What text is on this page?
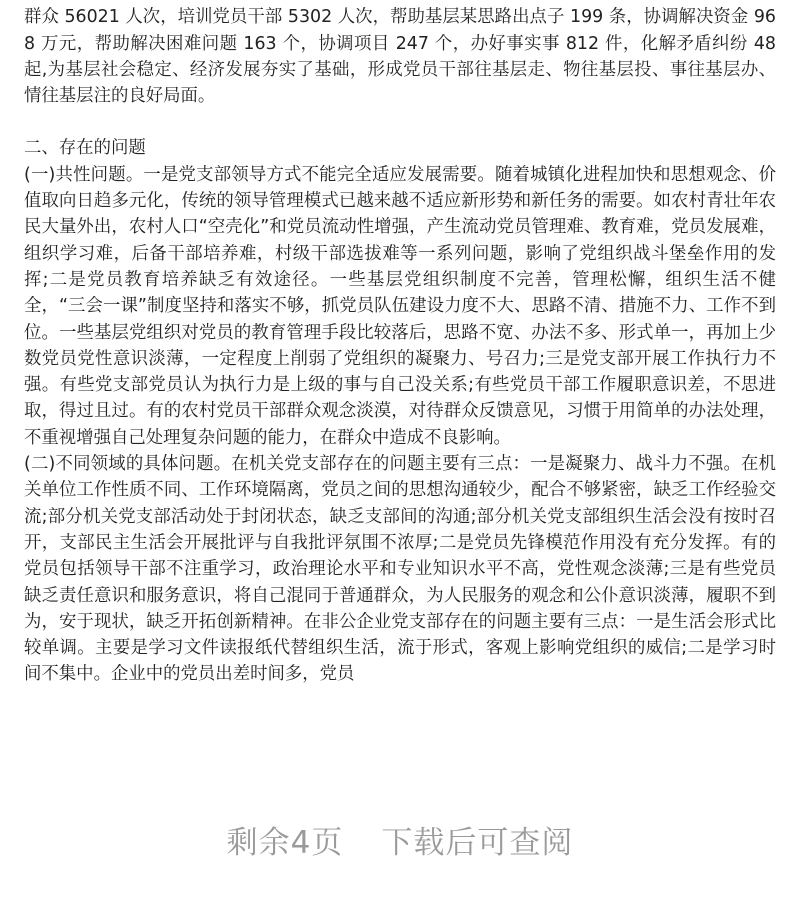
群众 56021 人次，培训党员干部 5302 人次，帮助基层某思路出点子 199 条，协调解决资金 968 万元，帮助解决困难问题 163 个，协调项目 247 个，办好事实事 812 件，化解矛盾纠纷 48 起,为基层社会稳定、经济发展夯实了基础，形成党员干部往基层走、物往基层投、事往基层办、情往基层注的良好局面。

二、存在的问题

(一)共性问题。一是党支部领导方式不能完全适应发展需要。随着城镇化进程加快和思想观念、价值取向日趋多元化，传统的领导管理模式已越来越不适应新形势和新任务的需要。如农村青壮年农民大量外出，农村人口“空壳化”和党员流动性增强，产生流动党员管理难、教育难，党员发展难，组织学习难，后备干部培养难，村级干部选拔难等一系列问题，影响了党组织战斗堡垒作用的发挥;二是党员教育培养缺乏有效途径。一些基层党组织制度不完善，管理松懈，组织生活不健全，“三会一课”制度坚持和落实不够，抓党员队伍建设力度不大、思路不清、措施不力、工作不到位。一些基层党组织对党员的教育管理手段比较落后，思路不宽、办法不多、形式单一，再加上少数党员党性意识淡薄，一定程度上削弱了党组织的凝聚力、号召力;三是党支部开展工作执行力不强。有些党支部党员认为执行力是上级的事与自己没关系;有些党员干部工作履职意识差，不思进取，得过且过。有的农村党员干部群众观念淡漠，对待群众反馈意见，习惯于用简单的办法处理，不重视增强自己处理复杂问题的能力，在群众中造成不良影响。

(二)不同领域的具体问题。在机关党支部存在的问题主要有三点：一是凝聚力、战斗力不强。在机关单位工作性质不同、工作环境隔离，党员之间的思想沟通较少，配合不够紧密，缺乏工作经验交流;部分机关党支部活动处于封闭状态，缺乏支部间的沟通;部分机关党支部组织生活会没有按时召开，支部民主生活会开展批评与自我批评氛围不浓厚;二是党员先锋模范作用没有充分发挥。有的党员包括领导干部不注重学习，政治理论水平和专业知识水平不高，党性观念淡薄;三是有些党员缺乏责任意识和服务意识，将自己混同于普通群众，为人民服务的观念和公仆意识淡薄，履职不到为，安于现状，缺乏开拓创新精神。在非公企业党支部存在的问题主要有三点：一是生活会形式比较单调。主要是学习文件读报纸代替组织生活，流于形式，客观上影响党组织的威信;二是学习时间不集中。企业中的党员出差时间多，党员

剩余4页 下载后可查阅
